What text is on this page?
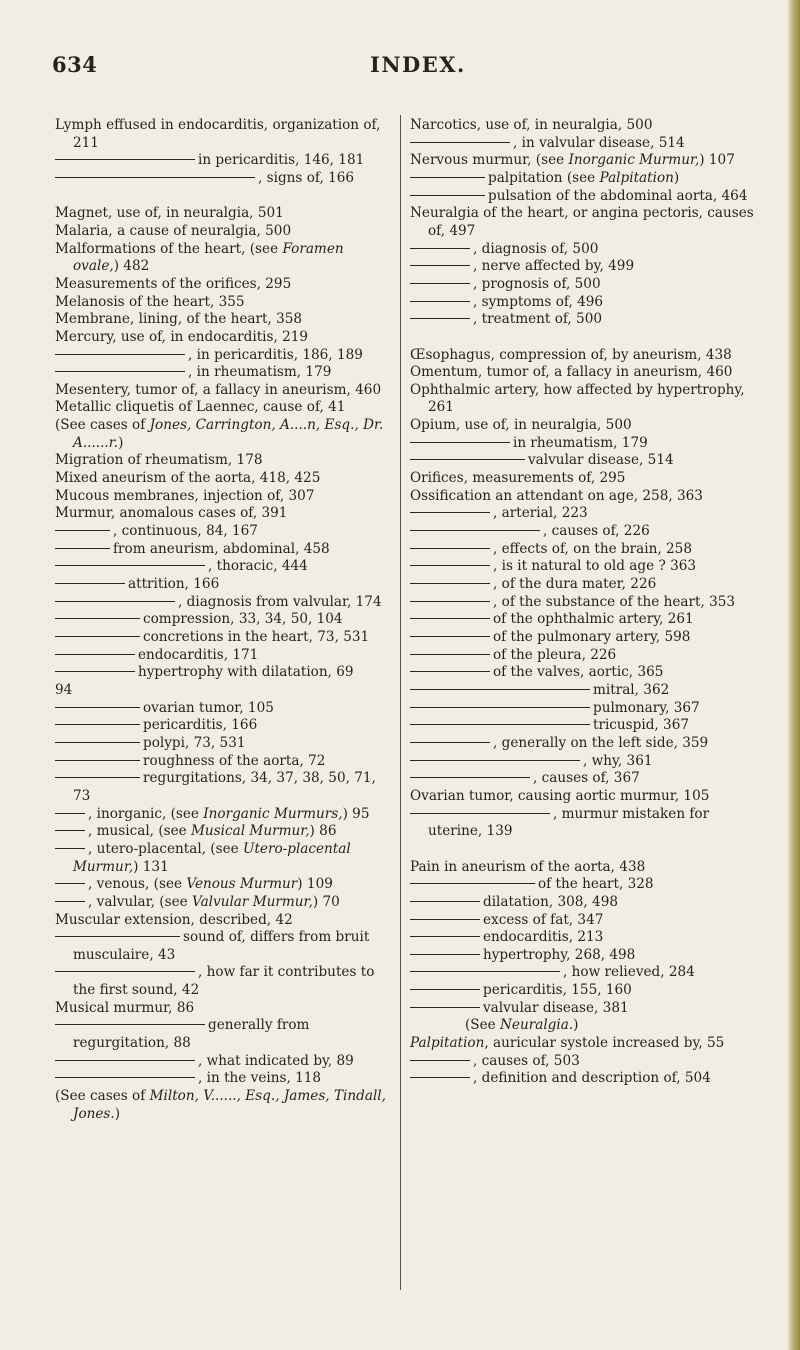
634	INDEX.
Lymph effused in endocarditis, organization of, 211
in pericarditis, 146, 181
, signs of, 166
Magnet, use of, in neuralgia, 501
Malaria, a cause of neuralgia, 500
Malformations of the heart, (see Foramen ovale,) 482
Measurements of the orifices, 295
Melanosis of the heart, 355
Membrane, lining, of the heart, 358
Mercury, use of, in endocarditis, 219
, in pericarditis, 186, 189
, in rheumatism, 179
Mesentery, tumor of, a fallacy in aneurism, 460
Metallic cliquetis of Laennec, cause of, 41
(See cases of Jones, Carrington, A....n, Esq., Dr. A......r.)
Migration of rheumatism, 178
Mixed aneurism of the aorta, 418, 425
Mucous membranes, injection of, 307
Murmur, anomalous cases of, 391
, continuous, 84, 167
from aneurism, abdominal, 458
, thoracic, 444
attrition, 166
, diagnosis from valvular, 174
compression, 33, 34, 50, 104
concretions in the heart, 73, 531
endocarditis, 171
hypertrophy with dilatation, 69
94
ovarian tumor, 105
pericarditis, 166
polypi, 73, 531
roughness of the aorta, 72
regurgitations, 34, 37, 38, 50, 71, 73
, inorganic, (see Inorganic Murmurs,) 95
, musical, (see Musical Murmur,) 86
, utero-placental, (see Utero-placental Murmur,) 131
, venous, (see Venous Murmur) 109
, valvular, (see Valvular Murmur,) 70
Muscular extension, described, 42
sound of, differs from bruit musculaire, 43
, how far it contributes to the first sound, 42
Musical murmur, 86
generally from regurgitation, 88
, what indicated by, 89
, in the veins, 118
(See cases of Milton, V......, Esq., James, Tindall, Jones.)
Narcotics, use of, in neuralgia, 500
, in valvular disease, 514
Nervous murmur, (see Inorganic Murmur,) 107
palpitation (see Palpitation)
pulsation of the abdominal aorta, 464
Neuralgia of the heart, or angina pectoris, causes of, 497
, diagnosis of, 500
, nerve affected by, 499
, prognosis of, 500
, symptoms of, 496
, treatment of, 500
Œsophagus, compression of, by aneurism, 438
Omentum, tumor of, a fallacy in aneurism, 460
Ophthalmic artery, how affected by hypertrophy, 261
Opium, use of, in neuralgia, 500
in rheumatism, 179
valvular disease, 514
Orifices, measurements of, 295
Ossification an attendant on age, 258, 363
, arterial, 223
, causes of, 226
, effects of, on the brain, 258
, is it natural to old age ? 363
, of the dura mater, 226
, of the substance of the heart, 353
of the ophthalmic artery, 261
of the pulmonary artery, 598
of the pleura, 226
of the valves, aortic, 365
mitral, 362
pulmonary, 367
tricuspid, 367
, generally on the left side, 359
, why, 361
, causes of, 367
Ovarian tumor, causing aortic murmur, 105
, murmur mistaken for uterine, 139
Pain in aneurism of the aorta, 438
of the heart, 328
dilatation, 308, 498
excess of fat, 347
endocarditis, 213
hypertrophy, 268, 498
, how relieved, 284
pericarditis, 155, 160
valvular disease, 381
(See Neuralgia.)
Palpitation, auricular systole increased by, 55
, causes of, 503
, definition and description of, 504
